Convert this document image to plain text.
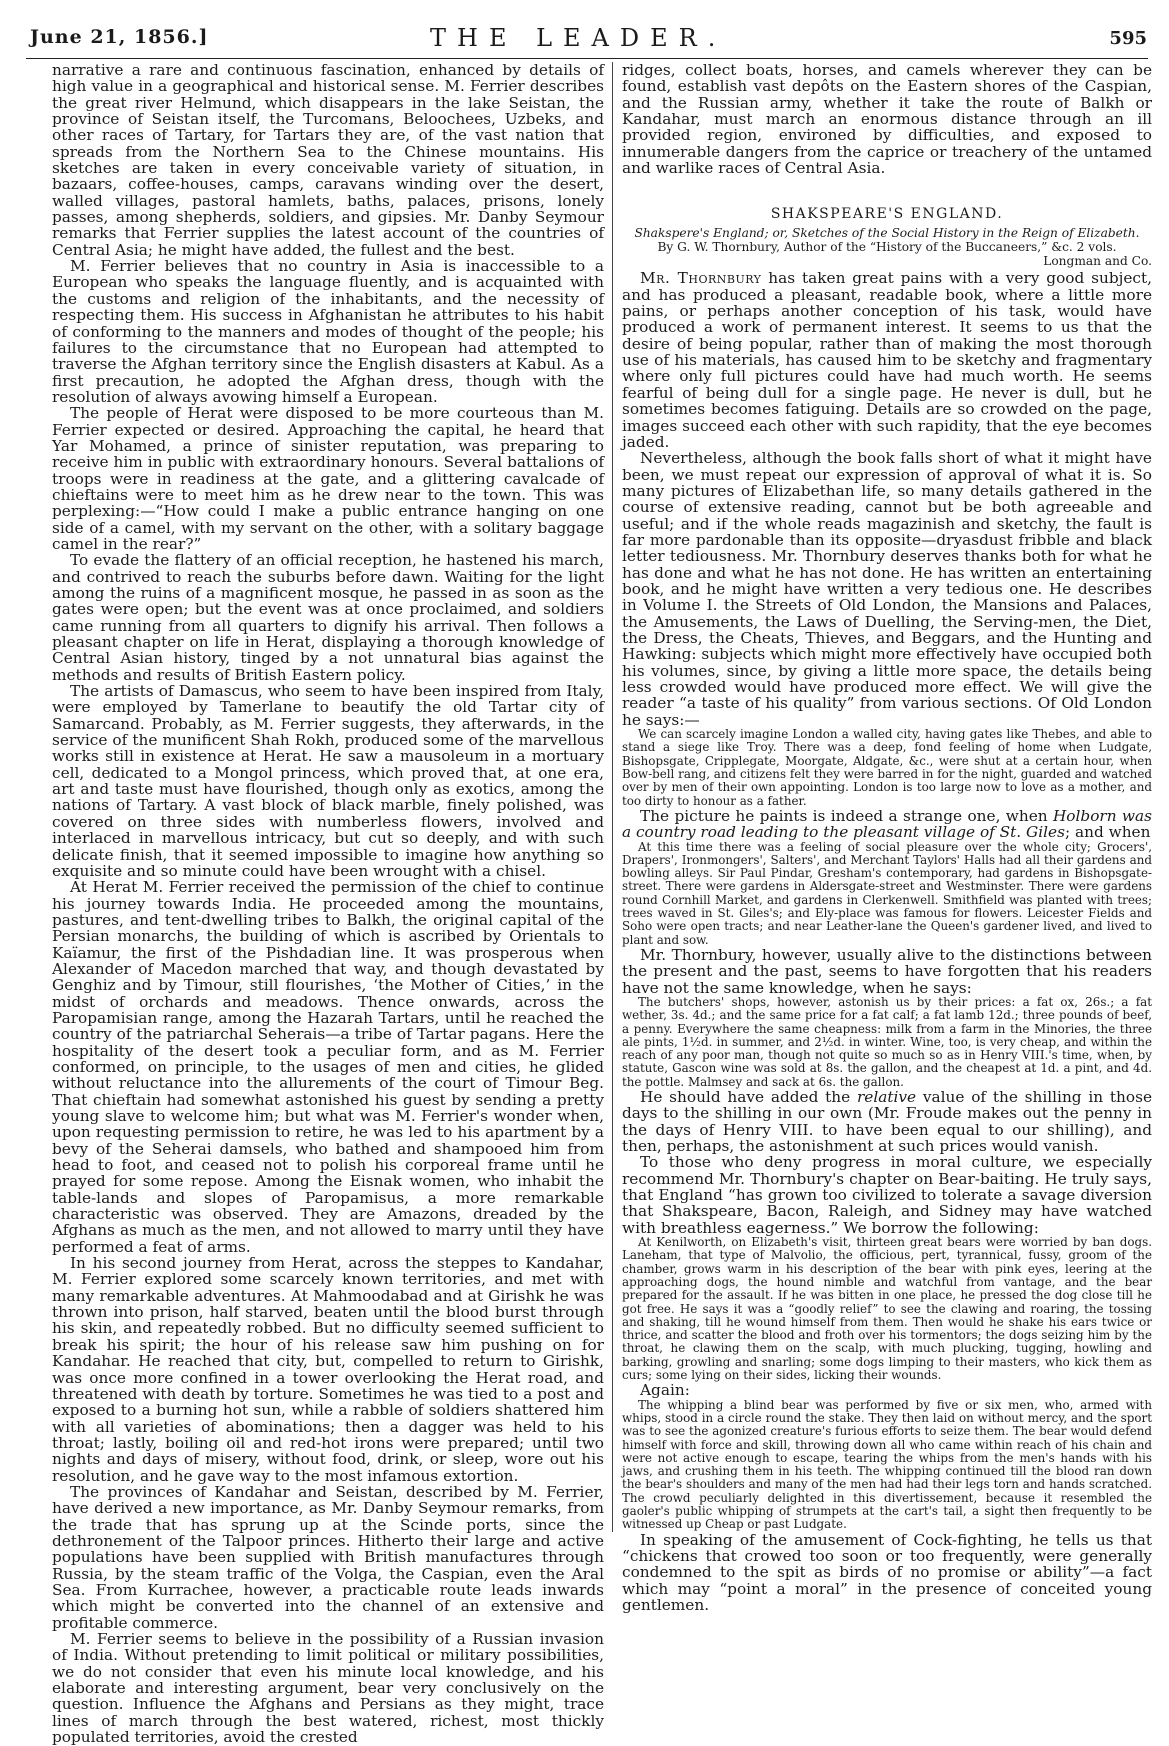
June 21, 1856.]	THE LEADER.	595

narrative a rare and continuous fascination, enhanced by details of high value in a geographical and historical sense. M. Ferrier describes the great river Helmund, which disappears in the lake Seistan, the province of Seistan itself, the Turcomans, Beloochees, Uzbeks, and other races of Tartary, for Tartars they are, of the vast nation that spreads from the Northern Sea to the Chinese mountains. His sketches are taken in every conceivable variety of situation, in bazaars, coffee-houses, camps, caravans winding over the desert, walled villages, pastoral hamlets, baths, palaces, prisons, lonely passes, among shepherds, soldiers, and gipsies. Mr. Danby Seymour remarks that Ferrier supplies the latest account of the countries of Central Asia; he might have added, the fullest and the best.

M. Ferrier believes that no country in Asia is inaccessible to a European who speaks the language fluently, and is acquainted with the customs and religion of the inhabitants, and the necessity of respecting them. His success in Afghanistan he attributes to his habit of conforming to the manners and modes of thought of the people; his failures to the circumstance that no European had attempted to traverse the Afghan territory since the English disasters at Kabul. As a first precaution, he adopted the Afghan dress, though with the resolution of always avowing himself a European.

The people of Herat were disposed to be more courteous than M. Ferrier expected or desired. Approaching the capital, he heard that Yar Mohamed, a prince of sinister reputation, was preparing to receive him in public with extraordinary honours. Several battalions of troops were in readiness at the gate, and a glittering cavalcade of chieftains were to meet him as he drew near to the town. This was perplexing:—“How could I make a public entrance hanging on one side of a camel, with my servant on the other, with a solitary baggage camel in the rear?”

To evade the flattery of an official reception, he hastened his march, and contrived to reach the suburbs before dawn. Waiting for the light among the ruins of a magnificent mosque, he passed in as soon as the gates were open; but the event was at once proclaimed, and soldiers came running from all quarters to dignify his arrival. Then follows a pleasant chapter on life in Herat, displaying a thorough knowledge of Central Asian history, tinged by a not unnatural bias against the methods and results of British Eastern policy.

The artists of Damascus, who seem to have been inspired from Italy, were employed by Tamerlane to beautify the old Tartar city of Samarcand. Probably, as M. Ferrier suggests, they afterwards, in the service of the munificent Shah Rokh, produced some of the marvellous works still in existence at Herat. He saw a mausoleum in a mortuary cell, dedicated to a Mongol princess, which proved that, at one era, art and taste must have flourished, though only as exotics, among the nations of Tartary. A vast block of black marble, finely polished, was covered on three sides with numberless flowers, involved and interlaced in marvellous intricacy, but cut so deeply, and with such delicate finish, that it seemed impossible to imagine how anything so exquisite and so minute could have been wrought with a chisel.

At Herat M. Ferrier received the permission of the chief to continue his journey towards India. He proceeded among the mountains, pastures, and tent-dwelling tribes to Balkh, the original capital of the Persian monarchs, the building of which is ascribed by Orientals to Kaïamur, the first of the Pishdadian line. It was prosperous when Alexander of Macedon marched that way, and though devastated by Genghiz and by Timour, still flourishes, ‘the Mother of Cities,’ in the midst of orchards and meadows. Thence onwards, across the Paropamisian range, among the Hazarah Tartars, until he reached the country of the patriarchal Seherais—a tribe of Tartar pagans. Here the hospitality of the desert took a peculiar form, and as M. Ferrier conformed, on principle, to the usages of men and cities, he glided without reluctance into the allurements of the court of Timour Beg. That chieftain had somewhat astonished his guest by sending a pretty young slave to welcome him; but what was M. Ferrier's wonder when, upon requesting permission to retire, he was led to his apartment by a bevy of the Seherai damsels, who bathed and shampooed him from head to foot, and ceased not to polish his corporeal frame until he prayed for some repose. Among the Eisnak women, who inhabit the table-lands and slopes of Paropamisus, a more remarkable characteristic was observed. They are Amazons, dreaded by the Afghans as much as the men, and not allowed to marry until they have performed a feat of arms.

In his second journey from Herat, across the steppes to Kandahar, M. Ferrier explored some scarcely known territories, and met with many remarkable adventures. At Mahmoodabad and at Girishk he was thrown into prison, half starved, beaten until the blood burst through his skin, and repeatedly robbed. But no difficulty seemed sufficient to break his spirit; the hour of his release saw him pushing on for Kandahar. He reached that city, but, compelled to return to Girishk, was once more confined in a tower overlooking the Herat road, and threatened with death by torture. Sometimes he was tied to a post and exposed to a burning hot sun, while a rabble of soldiers shattered him with all varieties of abominations; then a dagger was held to his throat; lastly, boiling oil and red-hot irons were prepared; until two nights and days of misery, without food, drink, or sleep, wore out his resolution, and he gave way to the most infamous extortion.

The provinces of Kandahar and Seistan, described by M. Ferrier, have derived a new importance, as Mr. Danby Seymour remarks, from the trade that has sprung up at the Scinde ports, since the dethronement of the Talpoor princes. Hitherto their large and active populations have been supplied with British manufactures through Russia, by the steam traffic of the Volga, the Caspian, even the Aral Sea. From Kurrachee, however, a practicable route leads inwards which might be converted into the channel of an extensive and profitable commerce.

M. Ferrier seems to believe in the possibility of a Russian invasion of India. Without pretending to limit political or military possibilities, we do not consider that even his minute local knowledge, and his elaborate and interesting argument, bear very conclusively on the question. Influence the Afghans and Persians as they might, trace lines of march through the best watered, richest, most thickly populated territories, avoid the crested

ridges, collect boats, horses, and camels wherever they can be found, establish vast depôts on the Eastern shores of the Caspian, and the Russian army, whether it take the route of Balkh or Kandahar, must march an enormous distance through an ill provided region, environed by difficulties, and exposed to innumerable dangers from the caprice or treachery of the untamed and warlike races of Central Asia.

SHAKSPEARE'S ENGLAND.
Shakspere's England; or, Sketches of the Social History in the Reign of Elizabeth.
By G. W. Thornbury, Author of the “History of the Buccaneers,” &c. 2 vols.
Longman and Co.

Mr. Thornbury has taken great pains with a very good subject, and has produced a pleasant, readable book, where a little more pains, or perhaps another conception of his task, would have produced a work of permanent interest. It seems to us that the desire of being popular, rather than of making the most thorough use of his materials, has caused him to be sketchy and fragmentary where only full pictures could have had much worth. He seems fearful of being dull for a single page. He never is dull, but he sometimes becomes fatiguing. Details are so crowded on the page, images succeed each other with such rapidity, that the eye becomes jaded.

Nevertheless, although the book falls short of what it might have been, we must repeat our expression of approval of what it is. So many pictures of Elizabethan life, so many details gathered in the course of extensive reading, cannot but be both agreeable and useful; and if the whole reads magazinish and sketchy, the fault is far more pardonable than its opposite—dryasdust fribble and black letter tediousness. Mr. Thornbury deserves thanks both for what he has done and what he has not done. He has written an entertaining book, and he might have written a very tedious one. He describes in Volume I. the Streets of Old London, the Mansions and Palaces, the Amusements, the Laws of Duelling, the Serving-men, the Diet, the Dress, the Cheats, Thieves, and Beggars, and the Hunting and Hawking: subjects which might more effectively have occupied both his volumes, since, by giving a little more space, the details being less crowded would have produced more effect. We will give the reader “a taste of his quality” from various sections. Of Old London he says:—

We can scarcely imagine London a walled city, having gates like Thebes, and able to stand a siege like Troy. There was a deep, fond feeling of home when Ludgate, Bishopsgate, Cripplegate, Moorgate, Aldgate, &c., were shut at a certain hour, when Bow-bell rang, and citizens felt they were barred in for the night, guarded and watched over by men of their own appointing. London is too large now to love as a mother, and too dirty to honour as a father.

The picture he paints is indeed a strange one, when Holborn was a country road leading to the pleasant village of St. Giles; and when

At this time there was a feeling of social pleasure over the whole city; Grocers', Drapers', Ironmongers', Salters', and Merchant Taylors' Halls had all their gardens and bowling alleys. Sir Paul Pindar, Gresham's contemporary, had gardens in Bishopsgate-street. There were gardens in Aldersgate-street and Westminster. There were gardens round Cornhill Market, and gardens in Clerkenwell. Smithfield was planted with trees; trees waved in St. Giles's; and Ely-place was famous for flowers. Leicester Fields and Soho were open tracts; and near Leather-lane the Queen's gardener lived, and lived to plant and sow.

Mr. Thornbury, however, usually alive to the distinctions between the present and the past, seems to have forgotten that his readers have not the same knowledge, when he says:

The butchers' shops, however, astonish us by their prices: a fat ox, 26s.; a fat wether, 3s. 4d.; and the same price for a fat calf; a fat lamb 12d.; three pounds of beef, a penny. Everywhere the same cheapness: milk from a farm in the Minories, the three ale pints, 1½d. in summer, and 2½d. in winter. Wine, too, is very cheap, and within the reach of any poor man, though not quite so much so as in Henry VIII.'s time, when, by statute, Gascon wine was sold at 8s. the gallon, and the cheapest at 1d. a pint, and 4d. the pottle. Malmsey and sack at 6s. the gallon.

He should have added the relative value of the shilling in those days to the shilling in our own (Mr. Froude makes out the penny in the days of Henry VIII. to have been equal to our shilling), and then, perhaps, the astonishment at such prices would vanish.

To those who deny progress in moral culture, we especially recommend Mr. Thornbury's chapter on Bear-baiting. He truly says, that England “has grown too civilized to tolerate a savage diversion that Shakspeare, Bacon, Raleigh, and Sidney may have watched with breathless eagerness.” We borrow the following:

At Kenilworth, on Elizabeth's visit, thirteen great bears were worried by ban dogs. Laneham, that type of Malvolio, the officious, pert, tyrannical, fussy, groom of the chamber, grows warm in his description of the bear with pink eyes, leering at the approaching dogs, the hound nimble and watchful from vantage, and the bear prepared for the assault. If he was bitten in one place, he pressed the dog close till he got free. He says it was a “goodly relief” to see the clawing and roaring, the tossing and shaking, till he wound himself from them. Then would he shake his ears twice or thrice, and scatter the blood and froth over his tormentors; the dogs seizing him by the throat, he clawing them on the scalp, with much plucking, tugging, howling and barking, growling and snarling; some dogs limping to their masters, who kick them as curs; some lying on their sides, licking their wounds.

Again:

The whipping a blind bear was performed by five or six men, who, armed with whips, stood in a circle round the stake. They then laid on without mercy, and the sport was to see the agonized creature's furious efforts to seize them. The bear would defend himself with force and skill, throwing down all who came within reach of his chain and were not active enough to escape, tearing the whips from the men's hands with his jaws, and crushing them in his teeth. The whipping continued till the blood ran down the bear's shoulders and many of the men had had their legs torn and hands scratched. The crowd peculiarly delighted in this divertissement, because it resembled the gaoler's public whipping of strumpets at the cart's tail, a sight then frequently to be witnessed up Cheap or past Ludgate.

In speaking of the amusement of Cock-fighting, he tells us that “chickens that crowed too soon or too frequently, were generally condemned to the spit as birds of no promise or ability”—a fact which may “point a moral” in the presence of conceited young gentlemen.
